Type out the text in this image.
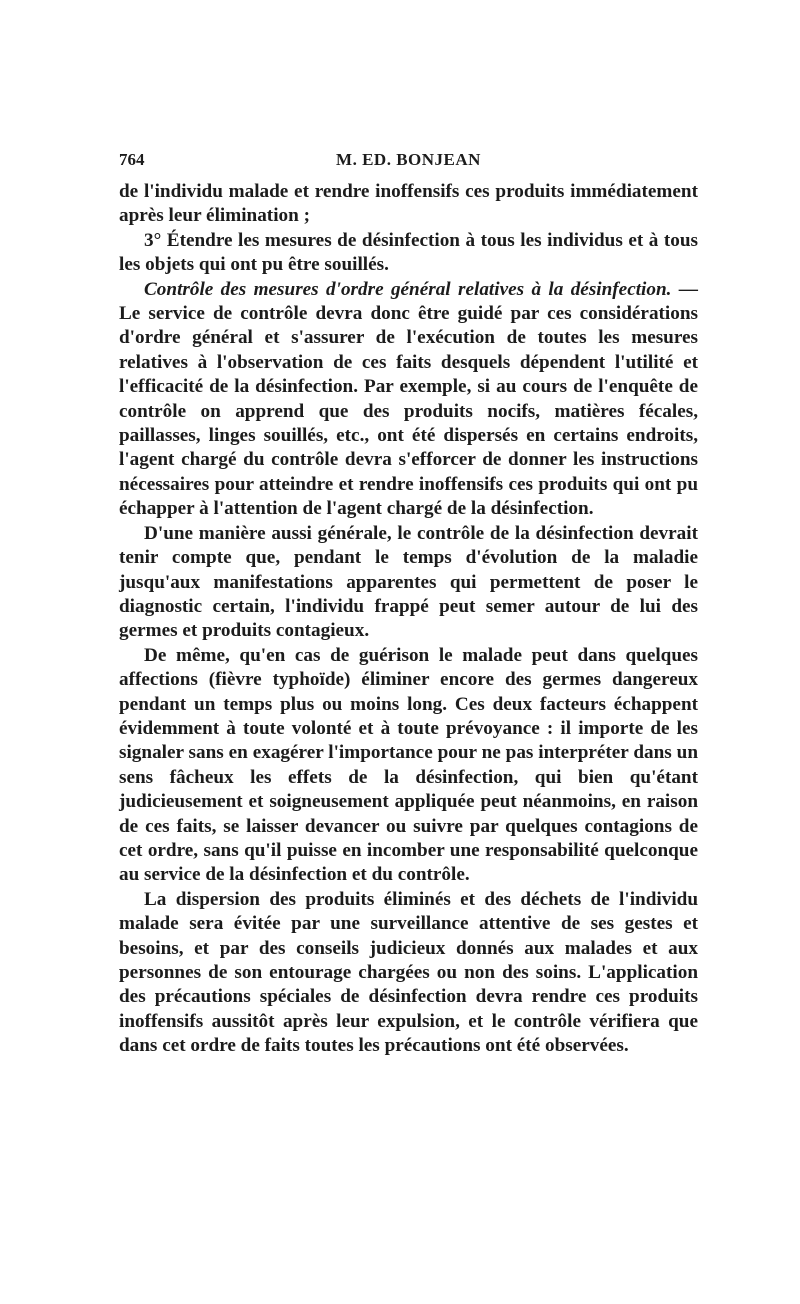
764	M. ED. BONJEAN

de l'individu malade et rendre inoffensifs ces produits immédiatement après leur élimination ;

3° Étendre les mesures de désinfection à tous les individus et à tous les objets qui ont pu être souillés.

Contrôle des mesures d'ordre général relatives à la désinfection. — Le service de contrôle devra donc être guidé par ces considérations d'ordre général et s'assurer de l'exécution de toutes les mesures relatives à l'observation de ces faits desquels dépendent l'utilité et l'efficacité de la désinfection. Par exemple, si au cours de l'enquête de contrôle on apprend que des produits nocifs, matières fécales, paillasses, linges souillés, etc., ont été dispersés en certains endroits, l'agent chargé du contrôle devra s'efforcer de donner les instructions nécessaires pour atteindre et rendre inoffensifs ces produits qui ont pu échapper à l'attention de l'agent chargé de la désinfection.

D'une manière aussi générale, le contrôle de la désinfection devrait tenir compte que, pendant le temps d'évolution de la maladie jusqu'aux manifestations apparentes qui permettent de poser le diagnostic certain, l'individu frappé peut semer autour de lui des germes et produits contagieux.

De même, qu'en cas de guérison le malade peut dans quelques affections (fièvre typhoïde) éliminer encore des germes dangereux pendant un temps plus ou moins long. Ces deux facteurs échappent évidemment à toute volonté et à toute prévoyance : il importe de les signaler sans en exagérer l'importance pour ne pas interpréter dans un sens fâcheux les effets de la désinfection, qui bien qu'étant judicieusement et soigneusement appliquée peut néanmoins, en raison de ces faits, se laisser devancer ou suivre par quelques contagions de cet ordre, sans qu'il puisse en incomber une responsabilité quelconque au service de la désinfection et du contrôle.

La dispersion des produits éliminés et des déchets de l'individu malade sera évitée par une surveillance attentive de ses gestes et besoins, et par des conseils judicieux donnés aux malades et aux personnes de son entourage chargées ou non des soins. L'application des précautions spéciales de désinfection devra rendre ces produits inoffensifs aussitôt après leur expulsion, et le contrôle vérifiera que dans cet ordre de faits toutes les précautions ont été observées.
